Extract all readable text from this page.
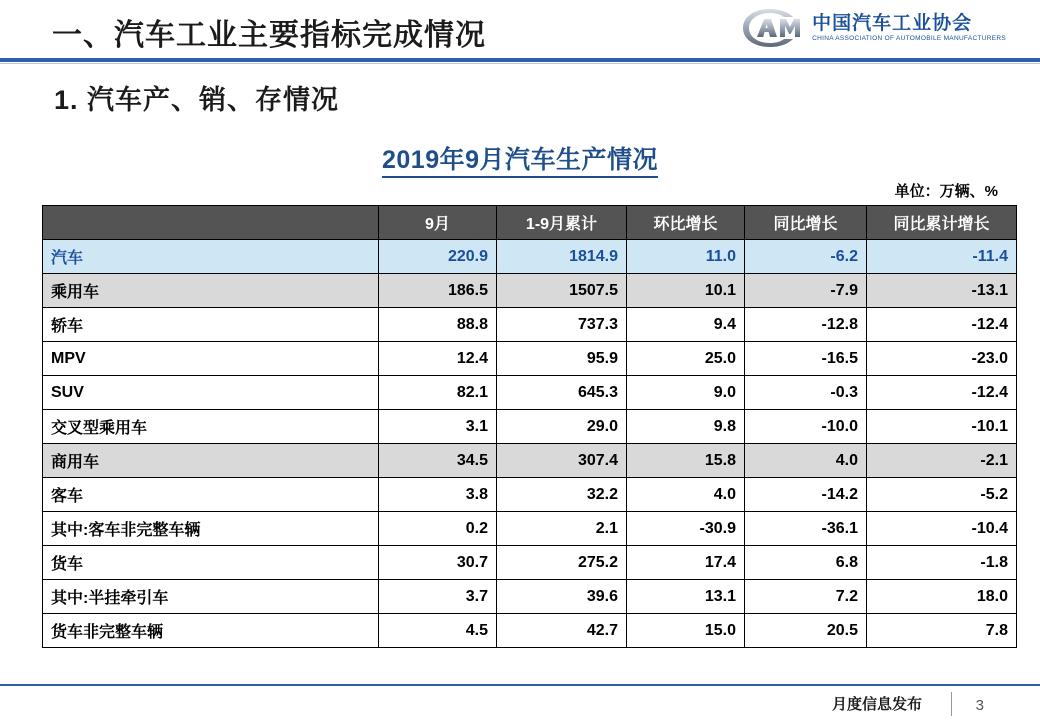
一、汽车工业主要指标完成情况	中国汽车工业协会
CHINA ASSOCIATION OF AUTOMOBILE MANUFACTURERS
1. 汽车产、销、存情况
2019年9月汽车生产情况
单位：万辆、%
	9月	1-9月累计	环比增长	同比增长	同比累计增长
汽车	220.9	1814.9	11.0	-6.2	-11.4
乘用车	186.5	1507.5	10.1	-7.9	-13.1
轿车	88.8	737.3	9.4	-12.8	-12.4
MPV	12.4	95.9	25.0	-16.5	-23.0
SUV	82.1	645.3	9.0	-0.3	-12.4
交叉型乘用车	3.1	29.0	9.8	-10.0	-10.1
商用车	34.5	307.4	15.8	4.0	-2.1
客车	3.8	32.2	4.0	-14.2	-5.2
其中:客车非完整车辆	0.2	2.1	-30.9	-36.1	-10.4
货车	30.7	275.2	17.4	6.8	-1.8
其中:半挂牵引车	3.7	39.6	13.1	7.2	18.0
货车非完整车辆	4.5	42.7	15.0	20.5	7.8
月度信息发布	3
